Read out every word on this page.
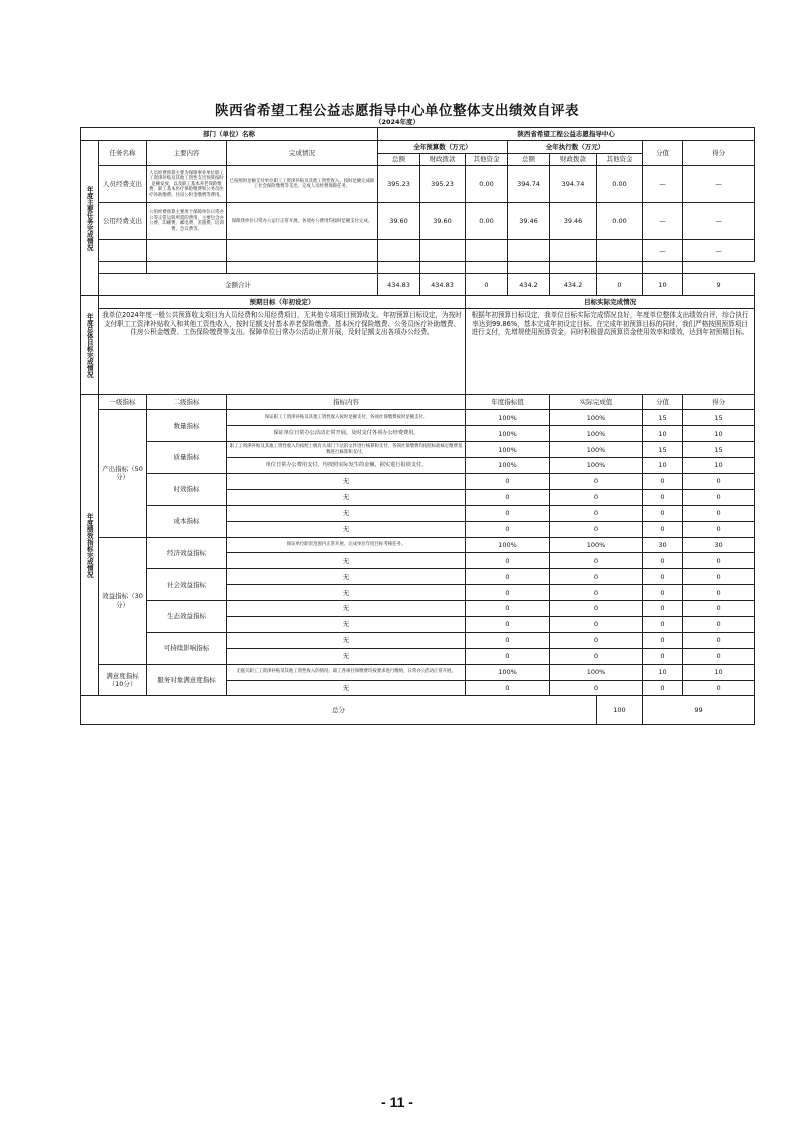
陕西省希望工程公益志愿指导中心单位整体支出绩效自评表
（2024年度）
部门（单位）名称				陕西省希望工程公益志愿指导中心							

年度主要任务完成情况	任务名称	主要内容	完成情况	全年预算数（万元）			全年执行数（万元）			分值		得分
				总额	财政拨款	其他资金	总额	财政拨款	其他资金		
	人员经费支出	人员经费预算主要为保障事业单位职工工资津补贴及其他工资性支出预算按时足额发放，以及职工基本养老保险缴费、职工基本医疗保险缴费和公务员医疗补助缴费、住房公积金缴费等费用。	已按照时足额支付单位职工工资津补贴及其他工资性收入，按时足额完成职工社会保险缴费等支出，完成人员经费保障任务。	395.23	395.23	0.00	394.74	394.74	0.00	—		—
	公用经费支出	公用经费预算主要用于保障单位日常办公等正常运转所需的费用，主要包含办公费、印刷费、邮电费、差旅费、培训费、会议费等。	保障我单位日常办公运行正常开展，各项办公费用均按时足额支付完成。	39.60	39.60	0.00	39.46	39.46	0.00	—		—
										—		—

	金额合计			434.83	434.83	0	434.2	434.2	0	10		9

年度总体目标完成情况	预期目标（年初设定）					目标实际完成情况					
	我单位2024年度一般公共预算收支项目为人员经费和公用经费项目，无其他专项项目预算收支。年初预算目标设定，为按时支付职工工资津补贴收入和其他工资性收入，按时足额支付基本养老保险缴费、基本医疗保险缴费、公务员医疗补助缴费、住房公积金缴费、工伤保险缴费等支出。保障单位日常办公活动正常开展，及时足额支出各项办公经费。					根据年初预算目标设定，我单位目标实际完成情况良好，年度单位整体支出绩效自评，综合执行率达到99.86%，基本完成年初设定目标。在完成年初预算目标的同时，我们严格按照预算项目进行支付，先增规使用预算资金，同时积极提高预算资金使用效率和绩效，达到年初预期目标。					

年度绩效指标完成情况	一级指标	二级指标	指标内容			年度指标值		实际完成值		分值	得分
	产出指标（50分）	数量指标	保证职工工资津补贴及其他工资性收入按时足额支付，各项社保缴费按时足额支付。			100%		100%		15	15
			保证单位日常办公活动正常开展，及时支付各项办公经费费用。			100%		100%		10	10
		质量指标	职工工资津补贴及其他工资性收入均按照上级有关部门下达的文件进行核算和支付，各项社保缴费均按照标准核定缴费基数进行核算和支付。			100%		100%		15	15
			单位日常办公费用支付，均按照实际发生的金额，据实进行报销支付。			100%		100%		10	10
		时效指标	无			0		0		0	0
			无			0		0		0	0
		成本指标	无			0		0		0	0
			无			0		0		0	0
	效益指标（30分）	经济效益指标	保证单位职责范围内正常开展，完成单位年度目标考核任务。			100%		100%		30	30
			无			0		0		0	0
		社会效益指标	无			0		0		0	0
			无			0		0		0	0
		生态效益指标	无			0		0		0	0
			无			0		0		0	0
		可持续影响指标	无			0		0		0	0
			无			0		0		0	0
	满意度指标（10分）	服务对象满意度指标	无拖欠职工工资津补贴及其他工资性收入的情况，职工各项社保缴费均按要求进行缴纳，日常办公活动正常开展。			100%		100%		10	10
			无			0		0		0	0
总分									100	99	
- 11 -
